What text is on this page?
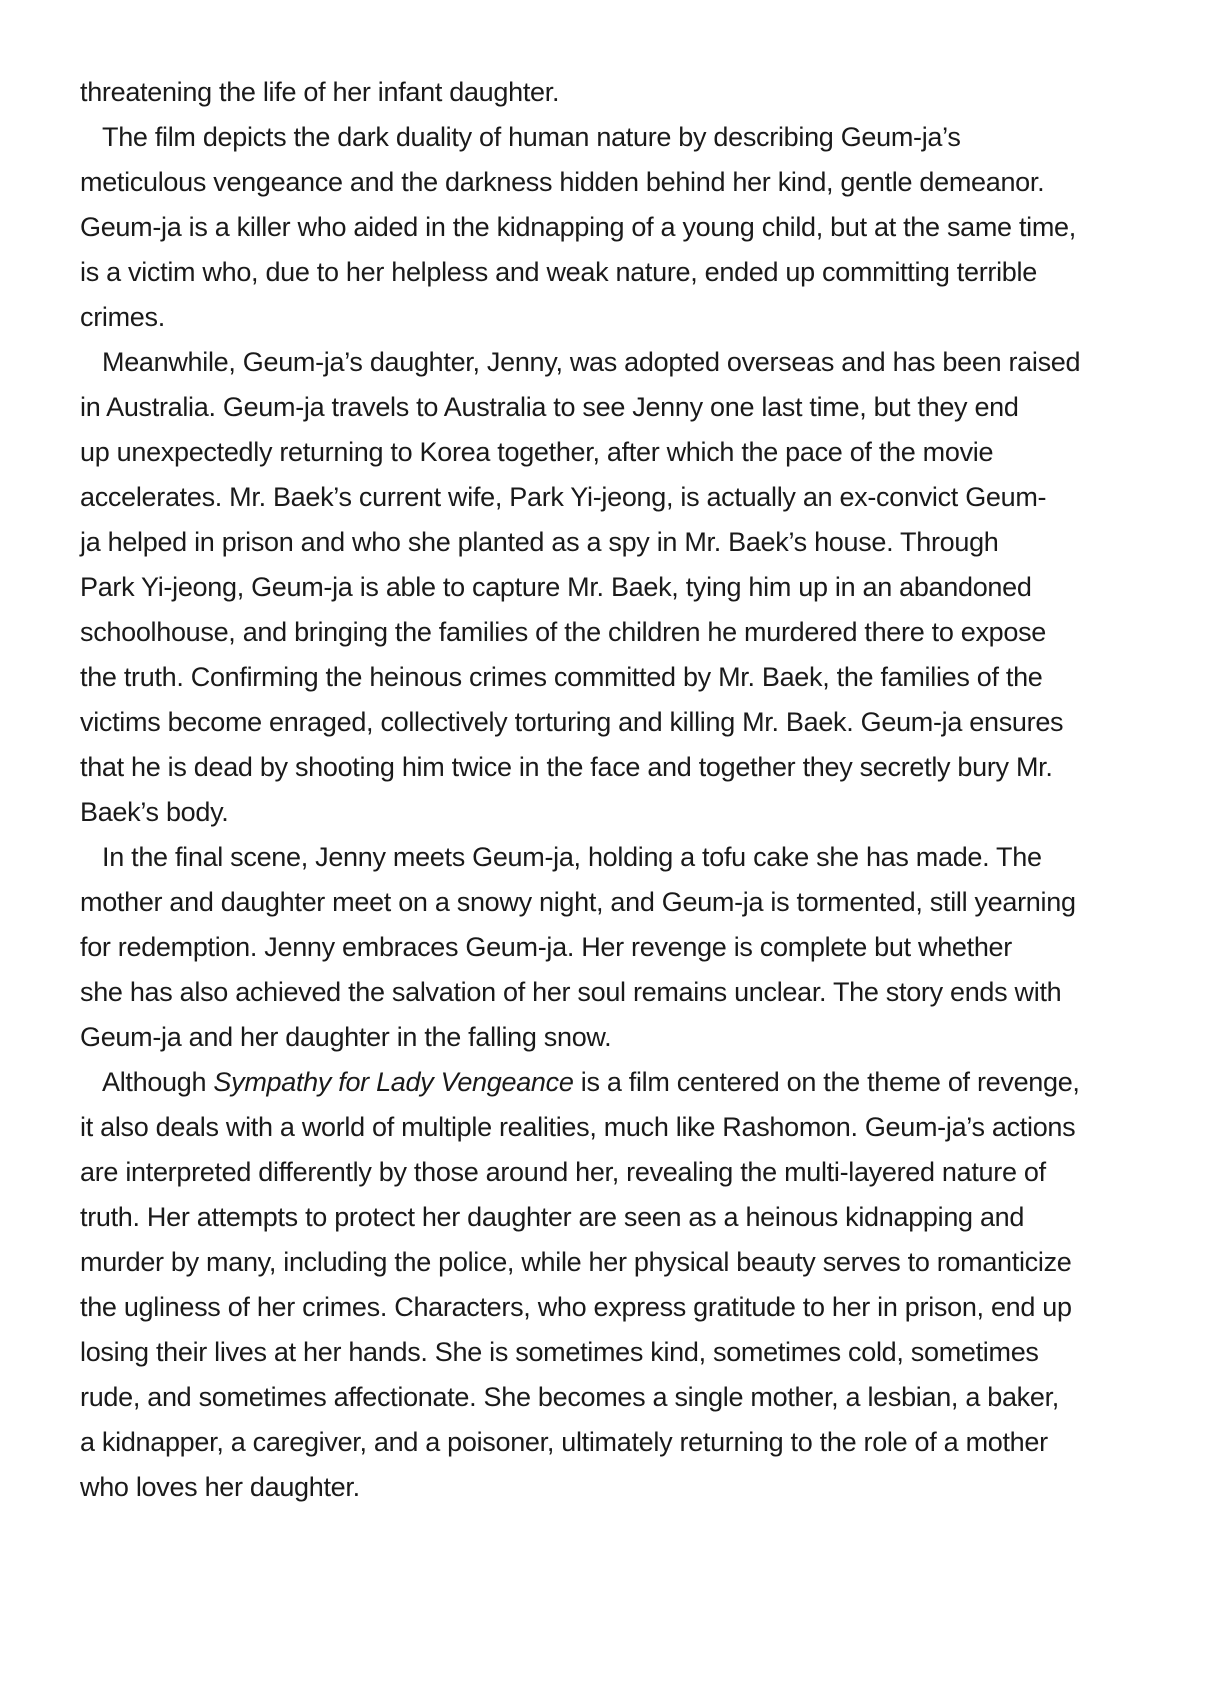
threatening the life of her infant daughter.
The film depicts the dark duality of human nature by describing Geum-ja’s
meticulous vengeance and the darkness hidden behind her kind, gentle demeanor.
Geum-ja is a killer who aided in the kidnapping of a young child, but at the same time,
is a victim who, due to her helpless and weak nature, ended up committing terrible
crimes.
Meanwhile, Geum-ja’s daughter, Jenny, was adopted overseas and has been raised
in Australia. Geum-ja travels to Australia to see Jenny one last time, but they end
up unexpectedly returning to Korea together, after which the pace of the movie
accelerates. Mr. Baek’s current wife, Park Yi-jeong, is actually an ex-convict Geum-
ja helped in prison and who she planted as a spy in Mr. Baek’s house. Through
Park Yi-jeong, Geum-ja is able to capture Mr. Baek, tying him up in an abandoned
schoolhouse, and bringing the families of the children he murdered there to expose
the truth. Confirming the heinous crimes committed by Mr. Baek, the families of the
victims become enraged, collectively torturing and killing Mr. Baek. Geum-ja ensures
that he is dead by shooting him twice in the face and together they secretly bury Mr.
Baek’s body.
In the final scene, Jenny meets Geum-ja, holding a tofu cake she has made. The
mother and daughter meet on a snowy night, and Geum-ja is tormented, still yearning
for redemption. Jenny embraces Geum-ja. Her revenge is complete but whether
she has also achieved the salvation of her soul remains unclear. The story ends with
Geum-ja and her daughter in the falling snow.
Although Sympathy for Lady Vengeance is a film centered on the theme of revenge,
it also deals with a world of multiple realities, much like Rashomon. Geum-ja’s actions
are interpreted differently by those around her, revealing the multi-layered nature of
truth. Her attempts to protect her daughter are seen as a heinous kidnapping and
murder by many, including the police, while her physical beauty serves to romanticize
the ugliness of her crimes. Characters, who express gratitude to her in prison, end up
losing their lives at her hands. She is sometimes kind, sometimes cold, sometimes
rude, and sometimes affectionate. She becomes a single mother, a lesbian, a baker,
a kidnapper, a caregiver, and a poisoner, ultimately returning to the role of a mother
who loves her daughter.
